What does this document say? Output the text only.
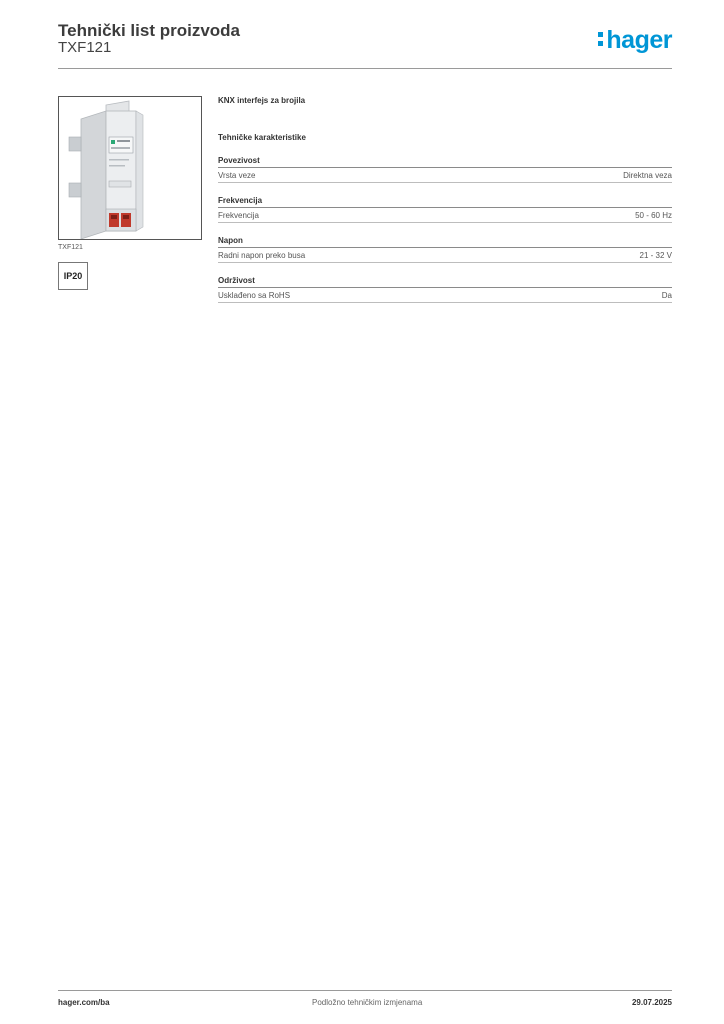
Tehnički list proizvoda
TXF121	hager
TXF121
IP20
KNX interfejs za brojila
Tehničke karakteristike
Povezivost
Vrsta veze	Direktna veza
Frekvencija
Frekvencija	50 - 60 Hz
Napon
Radni napon preko busa	21 - 32 V
Održivost
Usklađeno sa RoHS	Da
hager.com/ba	Podložno tehničkim izmjenama	29.07.2025
